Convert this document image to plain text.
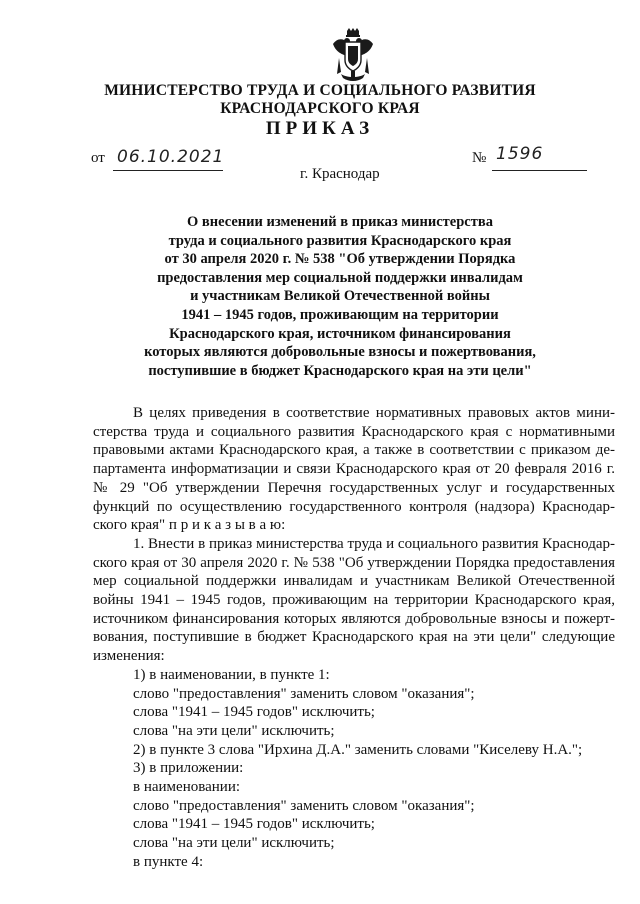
МИНИСТЕРСТВО ТРУДА И СОЦИАЛЬНОГО РАЗВИТИЯ
КРАСНОДАРСКОГО КРАЯ
ПРИКАЗ
от 06.10.2021	№ 1596
г. Краснодар
О внесении изменений в приказ министерства
труда и социального развития Краснодарского края
от 30 апреля 2020 г. № 538 "Об утверждении Порядка
предоставления мер социальной поддержки инвалидам
и участникам Великой Отечественной войны
1941 – 1945 годов, проживающим на территории
Краснодарского края, источником финансирования
которых являются добровольные взносы и пожертвования,
поступившие в бюджет Краснодарского края на эти цели"
В целях приведения в соответствие нормативных правовых актов мини-
стерства труда и социального развития Краснодарского края с нормативными
правовыми актами Краснодарского края, а также в соответствии с приказом де-
партамента информатизации и связи Краснодарского края от 20 февраля 2016 г.
№ 29 "Об утверждении Перечня государственных услуг и государственных
функций по осуществлению государственного контроля (надзора) Краснодар-
ского края" п р и к а з ы в а ю:
1. Внести в приказ министерства труда и социального развития Краснодар-
ского края от 30 апреля 2020 г. № 538 "Об утверждении Порядка предоставления
мер социальной поддержки инвалидам и участникам Великой Отечественной
войны 1941 – 1945 годов, проживающим на территории Краснодарского края,
источником финансирования которых являются добровольные взносы и пожерт-
вования, поступившие в бюджет Краснодарского края на эти цели" следующие
изменения:
1) в наименовании, в пункте 1:
слово "предоставления" заменить словом "оказания";
слова "1941 – 1945 годов" исключить;
слова "на эти цели" исключить;
2) в пункте 3 слова "Ирхина Д.А." заменить словами "Киселеву Н.А.";
3) в приложении:
в наименовании:
слово "предоставления" заменить словом "оказания";
слова "1941 – 1945 годов" исключить;
слова "на эти цели" исключить;
в пункте 4:
